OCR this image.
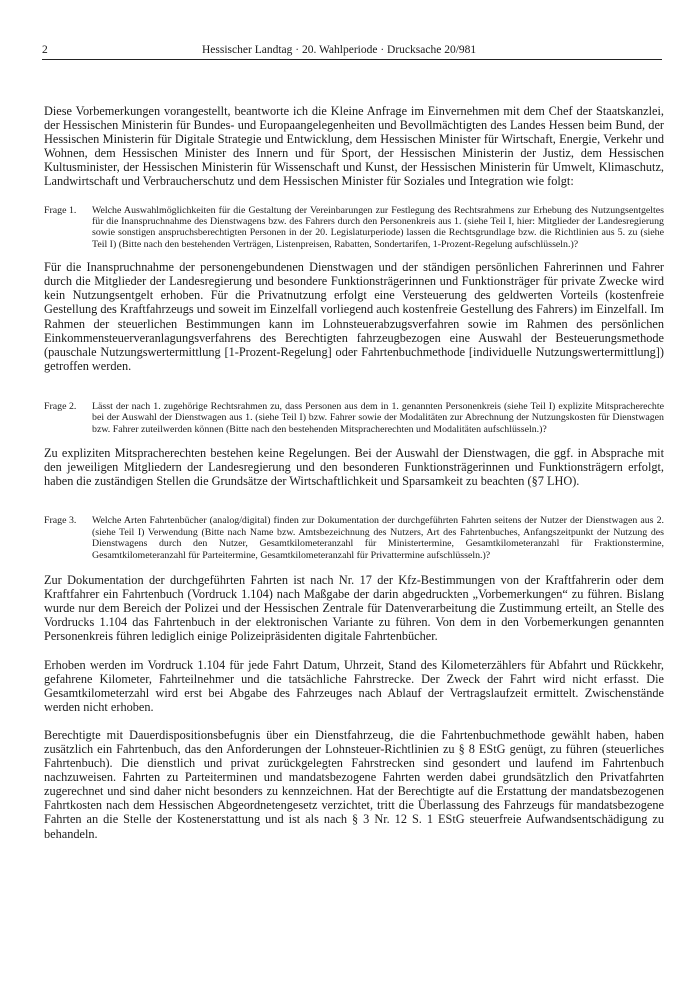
2	Hessischer Landtag · 20. Wahlperiode · Drucksache 20/981

Diese Vorbemerkungen vorangestellt, beantworte ich die Kleine Anfrage im Einvernehmen mit dem Chef der Staatskanzlei, der Hessischen Ministerin für Bundes- und Europaangelegenheiten und Bevollmächtigten des Landes Hessen beim Bund, der Hessischen Ministerin für Digitale Strategie und Entwicklung, dem Hessischen Minister für Wirtschaft, Energie, Verkehr und Wohnen, dem Hessischen Minister des Innern und für Sport, der Hessischen Ministerin der Justiz, dem Hessischen Kultusminister, der Hessischen Ministerin für Wissenschaft und Kunst, der Hessischen Ministerin für Umwelt, Klimaschutz, Landwirtschaft und Verbraucherschutz und dem Hessischen Minister für Soziales und Integration wie folgt:

Frage 1. Welche Auswahlmöglichkeiten für die Gestaltung der Vereinbarungen zur Festlegung des Rechtsrahmens zur Erhebung des Nutzungsentgeltes für die Inanspruchnahme des Dienstwagens bzw. des Fahrers durch den Personenkreis aus 1. (siehe Teil I, hier: Mitglieder der Landesregierung sowie sonstigen anspruchsberechtigten Personen in der 20. Legislaturperiode) lassen die Rechtsgrundlage bzw. die Richtlinien aus 5. zu (siehe Teil I) (Bitte nach den bestehenden Verträgen, Listenpreisen, Rabatten, Sondertarifen, 1-Prozent-Regelung aufschlüsseln.)?

Für die Inanspruchnahme der personengebundenen Dienstwagen und der ständigen persönlichen Fahrerinnen und Fahrer durch die Mitglieder der Landesregierung und besondere Funktionsträgerinnen und Funktionsträger für private Zwecke wird kein Nutzungsentgelt erhoben. Für die Privatnutzung erfolgt eine Versteuerung des geldwerten Vorteils (kostenfreie Gestellung des Kraftfahrzeugs und soweit im Einzelfall vorliegend auch kostenfreie Gestellung des Fahrers) im Einzelfall. Im Rahmen der steuerlichen Bestimmungen kann im Lohnsteuerabzugsverfahren sowie im Rahmen des persönlichen Einkommensteuerveranlagungsverfahrens des Berechtigten fahrzeugbezogen eine Auswahl der Besteuerungsmethode (pauschale Nutzungswertermittlung [1-Prozent-Regelung] oder Fahrtenbuchmethode [individuelle Nutzungswertermittlung]) getroffen werden.

Frage 2. Lässt der nach 1. zugehörige Rechtsrahmen zu, dass Personen aus dem in 1. genannten Personenkreis (siehe Teil I) explizite Mitspracherechte bei der Auswahl der Dienstwagen aus 1. (siehe Teil I) bzw. Fahrer sowie der Modalitäten zur Abrechnung der Nutzungskosten für Dienstwagen bzw. Fahrer zuteilwerden können (Bitte nach den bestehenden Mitspracherechten und Modalitäten aufschlüsseln.)?

Zu expliziten Mitspracherechten bestehen keine Regelungen. Bei der Auswahl der Dienstwagen, die ggf. in Absprache mit den jeweiligen Mitgliedern der Landesregierung und den besonderen Funktionsträgerinnen und Funktionsträgern erfolgt, haben die zuständigen Stellen die Grundsätze der Wirtschaftlichkeit und Sparsamkeit zu beachten (§7 LHO).

Frage 3. Welche Arten Fahrtenbücher (analog/digital) finden zur Dokumentation der durchgeführten Fahrten seitens der Nutzer der Dienstwagen aus 2. (siehe Teil I) Verwendung (Bitte nach Name bzw. Amtsbezeichnung des Nutzers, Art des Fahrtenbuches, Anfangszeitpunkt der Nutzung des Dienstwagens durch den Nutzer, Gesamtkilometeranzahl für Ministertermine, Gesamtkilometeranzahl für Fraktionstermine, Gesamtkilometeranzahl für Parteitermine, Gesamtkilometeranzahl für Privattermine aufschlüsseln.)?

Zur Dokumentation der durchgeführten Fahrten ist nach Nr. 17 der Kfz-Bestimmungen von der Kraftfahrerin oder dem Kraftfahrer ein Fahrtenbuch (Vordruck 1.104) nach Maßgabe der darin abgedruckten „Vorbemerkungen“ zu führen. Bislang wurde nur dem Bereich der Polizei und der Hessischen Zentrale für Datenverarbeitung die Zustimmung erteilt, an Stelle des Vordrucks 1.104 das Fahrtenbuch in der elektronischen Variante zu führen. Von dem in den Vorbemerkungen genannten Personenkreis führen lediglich einige Polizeipräsidenten digitale Fahrtenbücher.

Erhoben werden im Vordruck 1.104 für jede Fahrt Datum, Uhrzeit, Stand des Kilometerzählers für Abfahrt und Rückkehr, gefahrene Kilometer, Fahrteilnehmer und die tatsächliche Fahrstrecke. Der Zweck der Fahrt wird nicht erfasst. Die Gesamtkilometerzahl wird erst bei Abgabe des Fahrzeuges nach Ablauf der Vertragslaufzeit ermittelt. Zwischenstände werden nicht erhoben.

Berechtigte mit Dauerdispositionsbefugnis über ein Dienstfahrzeug, die die Fahrtenbuchmethode gewählt haben, haben zusätzlich ein Fahrtenbuch, das den Anforderungen der Lohnsteuer-Richtlinien zu § 8 EStG genügt, zu führen (steuerliches Fahrtenbuch). Die dienstlich und privat zurückgelegten Fahrstrecken sind gesondert und laufend im Fahrtenbuch nachzuweisen. Fahrten zu Parteiterminen und mandatsbezogene Fahrten werden dabei grundsätzlich den Privatfahrten zugerechnet und sind daher nicht besonders zu kennzeichnen. Hat der Berechtigte auf die Erstattung der mandatsbezogenen Fahrtkosten nach dem Hessischen Abgeordnetengesetz verzichtet, tritt die Überlassung des Fahrzeugs für mandatsbezogene Fahrten an die Stelle der Kostenerstattung und ist als nach § 3 Nr. 12 S. 1 EStG steuerfreie Aufwandsentschädigung zu behandeln.
